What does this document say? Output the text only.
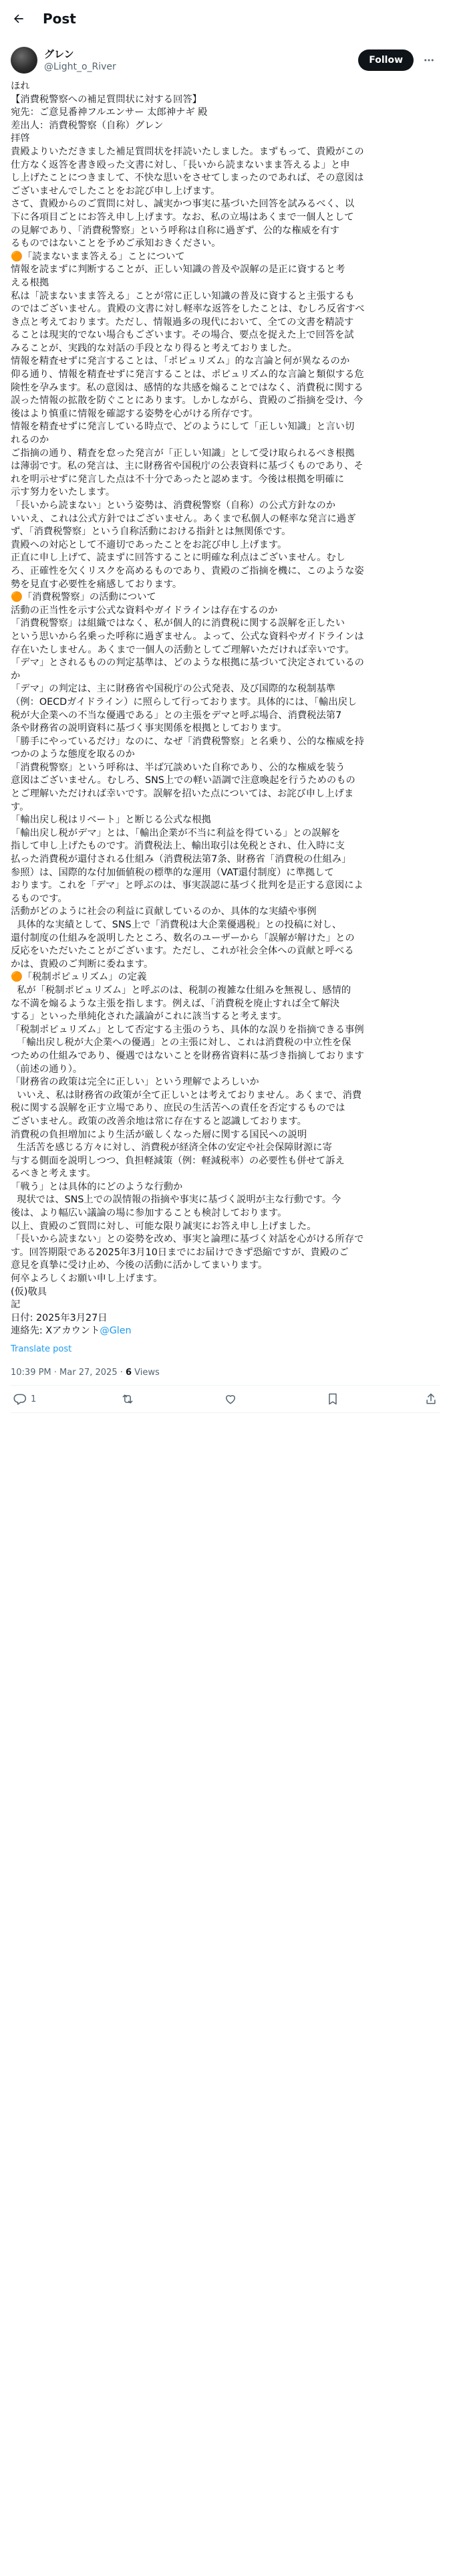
Post
グレン
@Light_o_River
Follow
ほれ
【消費税警察への補足質問状に対する回答】
宛先：ご意見番神フルエンサー 太郎神ナギ 殿
差出人：消費税警察（自称）グレン
拝啓
貴殿よりいただきました補足質問状を拝読いたしました。まずもって、貴殿がこの
仕方なく返答を書き殴った文書に対し、「長いから読まないまま答えるよ」と申
し上げたことにつきまして、不快な思いをさせてしまったのであれば、その意図は
ございませんでしたことをお詫び申し上げます。
さて、貴殿からのご質問に対し、誠実かつ事実に基づいた回答を試みるべく、以
下に各項目ごとにお答え申し上げます。なお、私の立場はあくまで一個人として
の見解であり、「消費税警察」という呼称は自称に過ぎず、公的な権威を有す
るものではないことを予めご承知おきください。
🟠「読まないまま答える」ことについて
情報を読まずに判断することが、正しい知識の普及や誤解の是正に資すると考
える根拠
私は「読まないまま答える」ことが常に正しい知識の普及に資すると主張するも
のではございません。貴殿の文書に対し軽率な返答をしたことは、むしろ反省すべ
き点と考えております。ただし、情報過多の現代において、全ての文書を精読す
ることは現実的でない場合もございます。その場合、要点を捉えた上で回答を試
みることが、実践的な対話の手段となり得ると考えておりました。
情報を精査せずに発言することは、「ポピュリズム」的な言論と何が異なるのか
仰る通り、情報を精査せずに発言することは、ポピュリズム的な言論と類似する危
険性を孕みます。私の意図は、感情的な共感を煽ることではなく、消費税に関する
誤った情報の拡散を防ぐことにあります。しかしながら、貴殿のご指摘を受け、今
後はより慎重に情報を確認する姿勢を心がける所存です。
情報を精査せずに発言している時点で、どのようにして「正しい知識」と言い切
れるのか
ご指摘の通り、精査を怠った発言が「正しい知識」として受け取られるべき根拠
は薄弱です。私の発言は、主に財務省や国税庁の公表資料に基づくものであり、そ
れを明示せずに発言した点は不十分であったと認めます。今後は根拠を明確に
示す努力をいたします。
「長いから読まない」という姿勢は、消費税警察（自称）の公式方針なのか
いいえ、これは公式方針ではございません。あくまで私個人の軽率な発言に過ぎ
ず、「消費税警察」という自称活動における指針とは無関係です。
貴殿への対応として不適切であったことをお詫び申し上げます。
正直に申し上げて、読まずに回答することに明確な利点はございません。むし
ろ、正確性を欠くリスクを高めるものであり、貴殿のご指摘を機に、このような姿
勢を見直す必要性を痛感しております。
🟠「消費税警察」の活動について
活動の正当性を示す公式な資料やガイドラインは存在するのか
「消費税警察」は組織ではなく、私が個人的に消費税に関する誤解を正したい
という思いから名乗った呼称に過ぎません。よって、公式な資料やガイドラインは
存在いたしません。あくまで一個人の活動としてご理解いただければ幸いです。
「デマ」とされるものの判定基準は、どのような根拠に基づいて決定されているの
か
「デマ」の判定は、主に財務省や国税庁の公式発表、及び国際的な税制基準
（例：OECDガイドライン）に照らして行っております。具体的には、「輸出戻し
税が大企業への不当な優遇である」との主張をデマと呼ぶ場合、消費税法第7
条や財務省の説明資料に基づく事実関係を根拠としております。
「勝手にやっているだけ」なのに、なぜ「消費税警察」と名乗り、公的な権威を持
つかのような態度を取るのか
「消費税警察」という呼称は、半ば冗談めいた自称であり、公的な権威を装う
意図はございません。むしろ、SNS上での軽い語調で注意喚起を行うためのもの
とご理解いただければ幸いです。誤解を招いた点については、お詫び申し上げま
す。
「輸出戻し税はリベート」と断じる公式な根拠
「輸出戻し税がデマ」とは、「輸出企業が不当に利益を得ている」との誤解を
指して申し上げたものです。消費税法上、輸出取引は免税とされ、仕入時に支
払った消費税が還付される仕組み（消費税法第7条、財務省「消費税の仕組み」
参照）は、国際的な付加価値税の標準的な運用（VAT還付制度）に準拠して
おります。これを「デマ」と呼ぶのは、事実誤認に基づく批判を是正する意図によ
るものです。
活動がどのように社会の利益に貢献しているのか、具体的な実績や事例
具体的な実績として、SNS上で「消費税は大企業優遇税」との投稿に対し、
還付制度の仕組みを説明したところ、数名のユーザーから「誤解が解けた」との
反応をいただいたことがございます。ただし、これが社会全体への貢献と呼べる
かは、貴殿のご判断に委ねます。
🟠「税制ポピュリズム」の定義
私が「税制ポピュリズム」と呼ぶのは、税制の複雑な仕組みを無視し、感情的
な不満を煽るような主張を指します。例えば、「消費税を廃止すれば全て解決
する」といった単純化された議論がこれに該当すると考えます。
「税制ポピュリズム」として否定する主張のうち、具体的な誤りを指摘できる事例
「輸出戻し税が大企業への優遇」との主張に対し、これは消費税の中立性を保
つための仕組みであり、優遇ではないことを財務省資料に基づき指摘しております
（前述の通り）。
「財務省の政策は完全に正しい」という理解でよろしいか
いいえ、私は財務省の政策が全て正しいとは考えておりません。あくまで、消費
税に関する誤解を正す立場であり、庶民の生活苦への責任を否定するものでは
ございません。政策の改善余地は常に存在すると認識しております。
消費税の負担増加により生活が厳しくなった層に関する国民への説明
生活苦を感じる方々に対し、消費税が経済全体の安定や社会保障財源に寄
与する側面を説明しつつ、負担軽減策（例：軽減税率）の必要性も併せて訴え
るべきと考えます。
「戦う」とは具体的にどのような行動か
現状では、SNS上での誤情報の指摘や事実に基づく説明が主な行動です。今
後は、より幅広い議論の場に参加することも検討しております。
以上、貴殿のご質問に対し、可能な限り誠実にお答え申し上げました。
「長いから読まない」との姿勢を改め、事実と論理に基づく対話を心がける所存で
す。回答期限である2025年3月10日までにお届けできず恐縮ですが、貴殿のご
意見を真摯に受け止め、今後の活動に活かしてまいります。
何卒よろしくお願い申し上げます。
(仮)敬具
記
日付: 2025年3月27日
連絡先: Xアカウント@Glen
Translate post
10:39 PM · Mar 27, 2025 · 6 Views
1
